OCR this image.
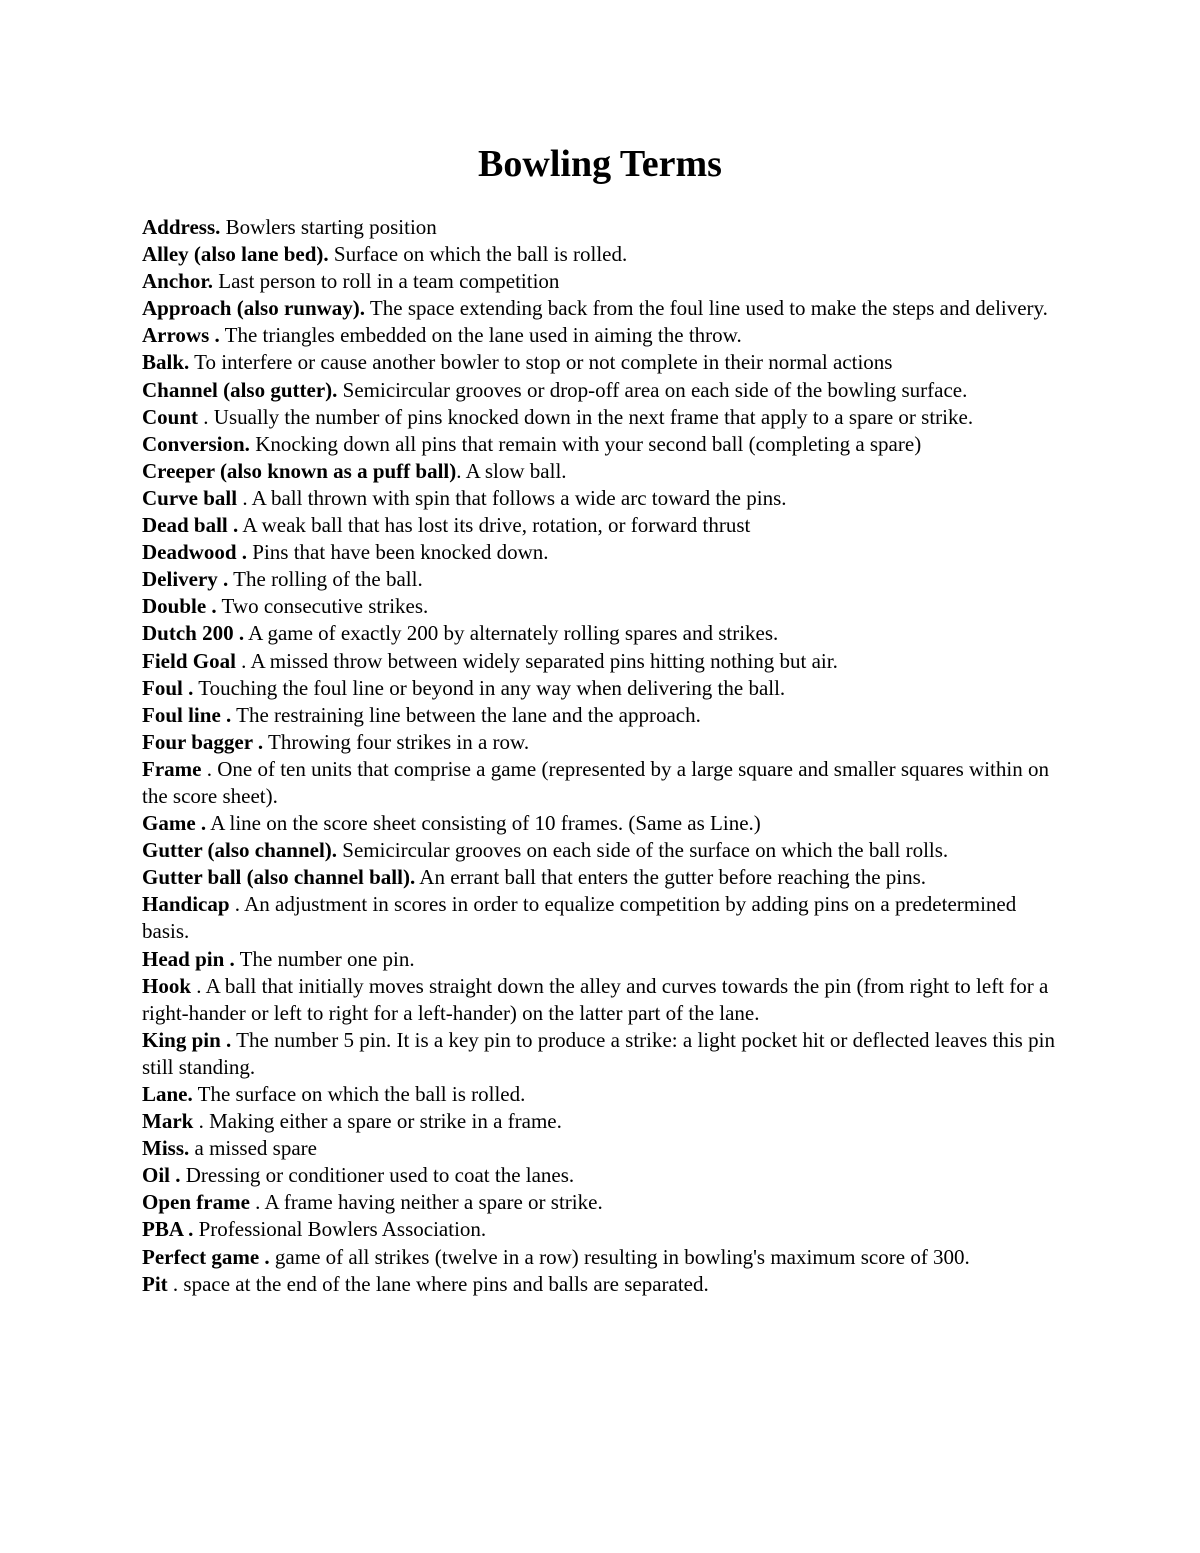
Bowling Terms
Address. Bowlers starting position
Alley (also lane bed). Surface on which the ball is rolled.
Anchor. Last person to roll in a team competition
Approach (also runway). The space extending back from the foul line used to make the steps and delivery.
Arrows . The triangles embedded on the lane used in aiming the throw.
Balk. To interfere or cause another bowler to stop or not complete in their normal actions
Channel (also gutter). Semicircular grooves or drop-off area on each side of the bowling surface.
Count . Usually the number of pins knocked down in the next frame that apply to a spare or strike.
Conversion. Knocking down all pins that remain with your second ball (completing a spare)
Creeper (also known as a puff ball). A slow ball.
Curve ball . A ball thrown with spin that follows a wide arc toward the pins.
Dead ball . A weak ball that has lost its drive, rotation, or forward thrust
Deadwood . Pins that have been knocked down.
Delivery . The rolling of the ball.
Double . Two consecutive strikes.
Dutch 200 . A game of exactly 200 by alternately rolling spares and strikes.
Field Goal . A missed throw between widely separated pins hitting nothing but air.
Foul . Touching the foul line or beyond in any way when delivering the ball.
Foul line . The restraining line between the lane and the approach.
Four bagger . Throwing four strikes in a row.
Frame . One of ten units that comprise a game (represented by a large square and smaller squares within on the score sheet).
Game . A line on the score sheet consisting of 10 frames. (Same as Line.)
Gutter (also channel). Semicircular grooves on each side of the surface on which the ball rolls.
Gutter ball (also channel ball). An errant ball that enters the gutter before reaching the pins.
Handicap . An adjustment in scores in order to equalize competition by adding pins on a predetermined basis.
Head pin . The number one pin.
Hook . A ball that initially moves straight down the alley and curves towards the pin (from right to left for a right-hander or left to right for a left-hander) on the latter part of the lane.
King pin . The number 5 pin. It is a key pin to produce a strike: a light pocket hit or deflected leaves this pin still standing.
Lane. The surface on which the ball is rolled.
Mark . Making either a spare or strike in a frame.
Miss. a missed spare
Oil . Dressing or conditioner used to coat the lanes.
Open frame . A frame having neither a spare or strike.
PBA . Professional Bowlers Association.
Perfect game . game of all strikes (twelve in a row) resulting in bowling's maximum score of 300.
Pit . space at the end of the lane where pins and balls are separated.
